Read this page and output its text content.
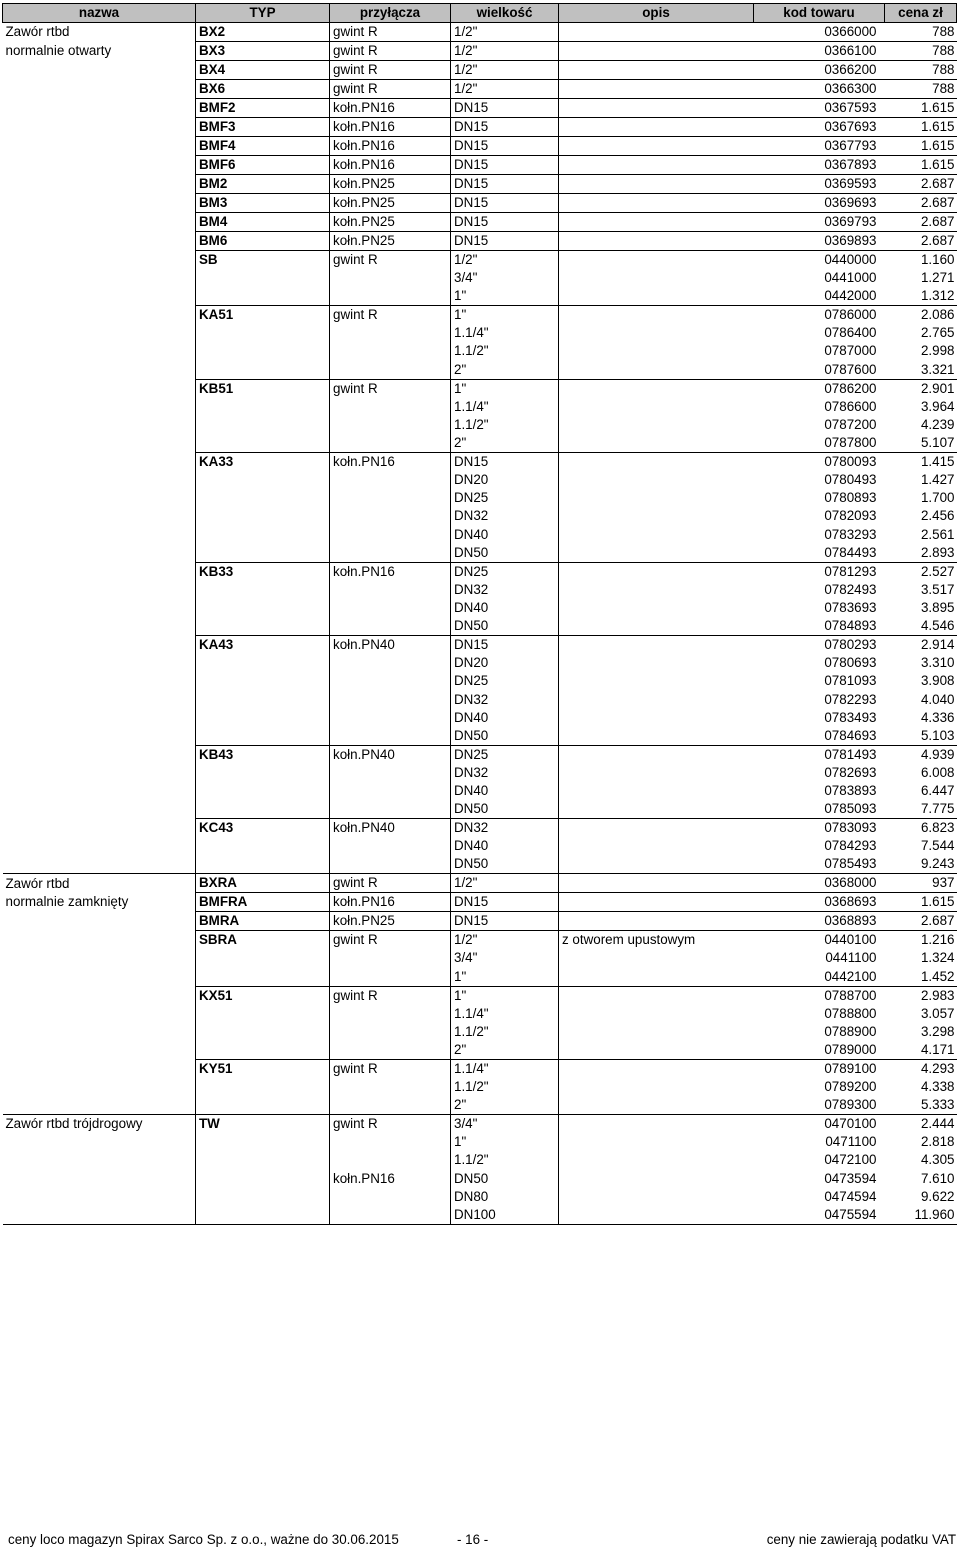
nazwa	TYP	przyłącza	wielkość	opis	kod towaru	cena zł
Zawór rtbd	BX2	gwint R	1/2"		0366000	788
normalnie otwarty	BX3	gwint R	1/2"		0366100	788
	BX4	gwint R	1/2"		0366200	788
	BX6	gwint R	1/2"		0366300	788
	BMF2	kołn.PN16	DN15		0367593	1.615
	BMF3	kołn.PN16	DN15		0367693	1.615
	BMF4	kołn.PN16	DN15		0367793	1.615
	BMF6	kołn.PN16	DN15		0367893	1.615
	BM2	kołn.PN25	DN15		0369593	2.687
	BM3	kołn.PN25	DN15		0369693	2.687
	BM4	kołn.PN25	DN15		0369793	2.687
	BM6	kołn.PN25	DN15		0369893	2.687
	SB	gwint R	1/2"		0440000	1.160
			3/4"		0441000	1.271
			1"		0442000	1.312
	KA51	gwint R	1"		0786000	2.086
			1.1/4"		0786400	2.765
			1.1/2"		0787000	2.998
			2"		0787600	3.321
	KB51	gwint R	1"		0786200	2.901
			1.1/4"		0786600	3.964
			1.1/2"		0787200	4.239
			2"		0787800	5.107
	KA33	kołn.PN16	DN15		0780093	1.415
			DN20		0780493	1.427
			DN25		0780893	1.700
			DN32		0782093	2.456
			DN40		0783293	2.561
			DN50		0784493	2.893
	KB33	kołn.PN16	DN25		0781293	2.527
			DN32		0782493	3.517
			DN40		0783693	3.895
			DN50		0784893	4.546
	KA43	kołn.PN40	DN15		0780293	2.914
			DN20		0780693	3.310
			DN25		0781093	3.908
			DN32		0782293	4.040
			DN40		0783493	4.336
			DN50		0784693	5.103
	KB43	kołn.PN40	DN25		0781493	4.939
			DN32		0782693	6.008
			DN40		0783893	6.447
			DN50		0785093	7.775
	KC43	kołn.PN40	DN32		0783093	6.823
			DN40		0784293	7.544
			DN50		0785493	9.243
Zawór rtbd	BXRA	gwint R	1/2"		0368000	937
normalnie zamknięty	BMFRA	kołn.PN16	DN15		0368693	1.615
	BMRA	kołn.PN25	DN15		0368893	2.687
	SBRA	gwint R	1/2"	z otworem upustowym	0440100	1.216
			3/4"		0441100	1.324
			1"		0442100	1.452
	KX51	gwint R	1"		0788700	2.983
			1.1/4"		0788800	3.057
			1.1/2"		0788900	3.298
			2"		0789000	4.171
	KY51	gwint R	1.1/4"		0789100	4.293
			1.1/2"		0789200	4.338
			2"		0789300	5.333
Zawór rtbd trójdrogowy	TW	gwint R	3/4"		0470100	2.444
			1"		0471100	2.818
			1.1/2"		0472100	4.305
		kołn.PN16	DN50		0473594	7.610
			DN80		0474594	9.622
			DN100		0475594	11.960
ceny loco magazyn Spirax Sarco Sp. z o.o., ważne do 30.06.2015	- 16 -	ceny nie zawierają podatku VAT
